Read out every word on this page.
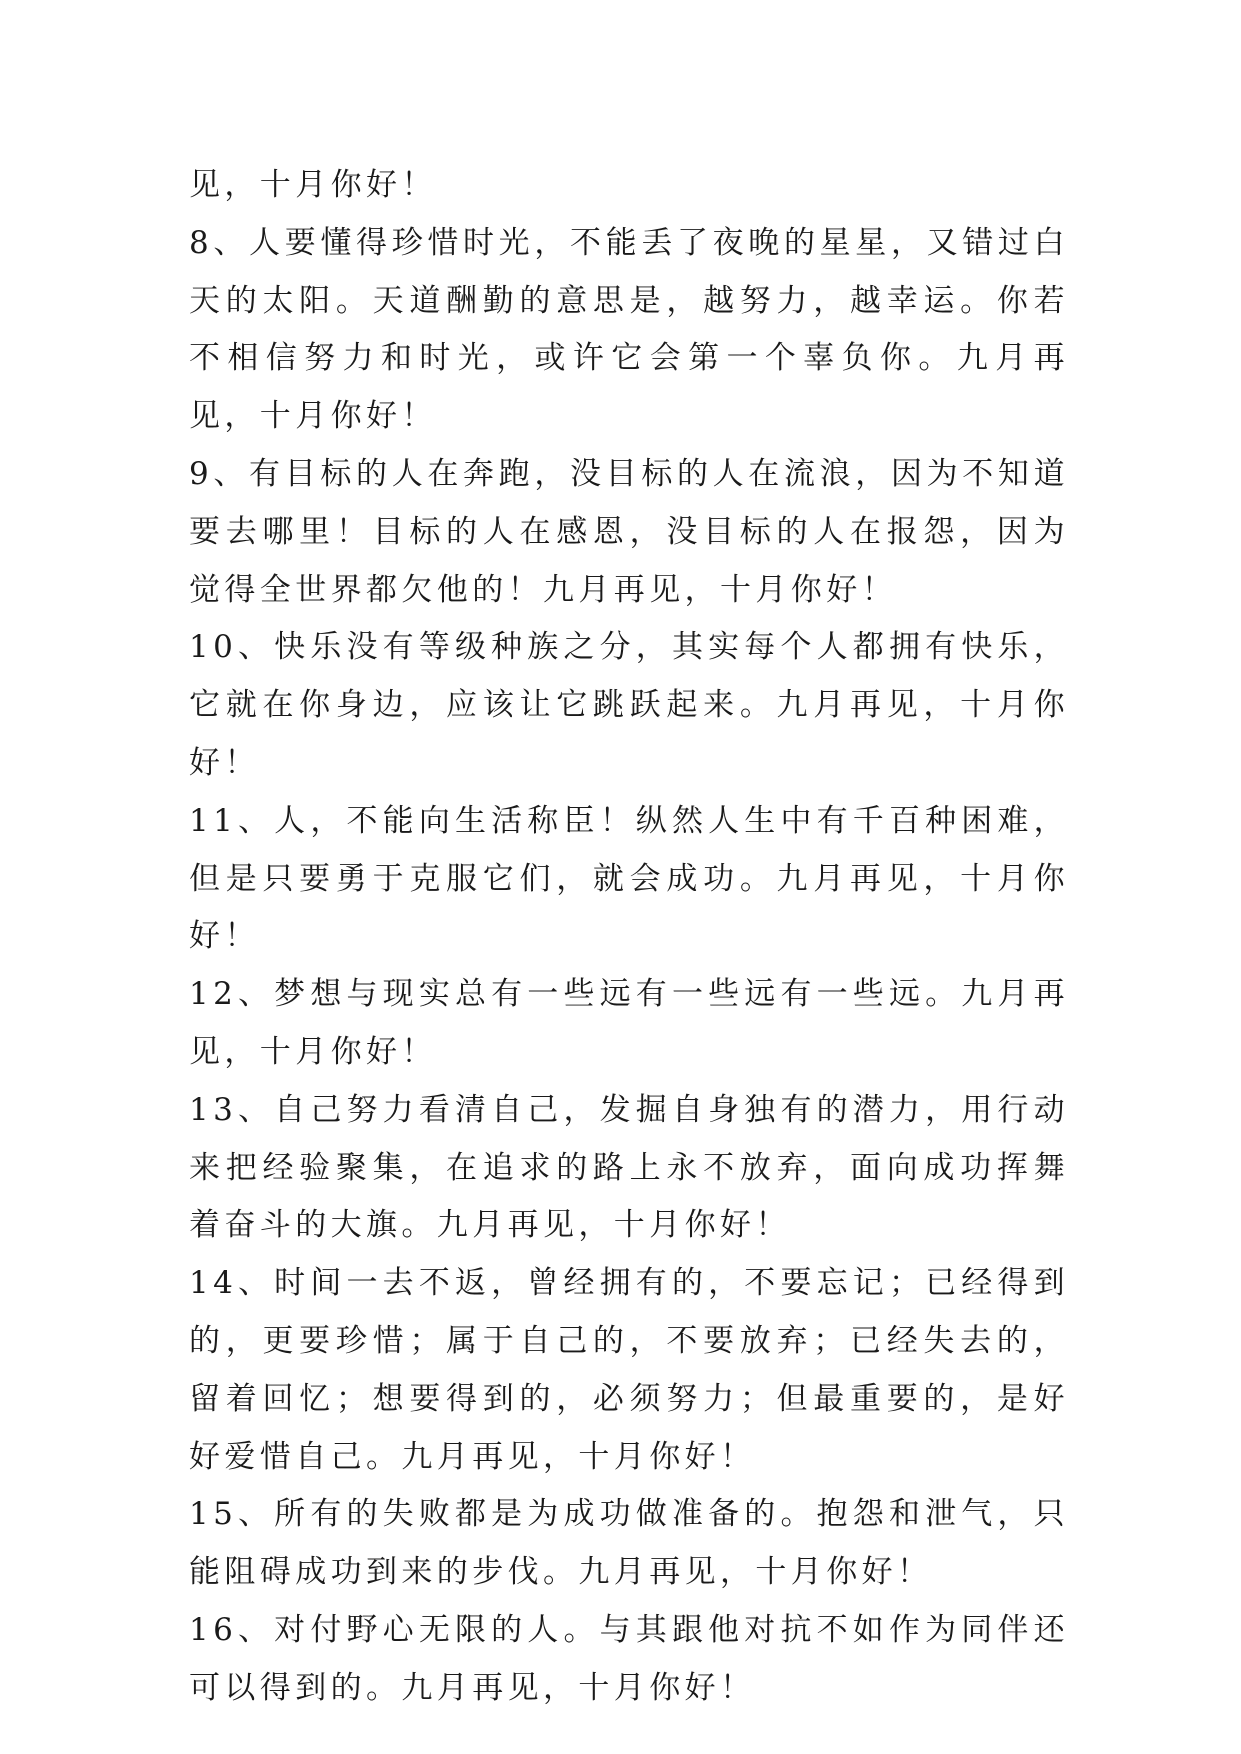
见，十月你好！

8、人要懂得珍惜时光，不能丢了夜晚的星星，又错过白天的太阳。天道酬勤的意思是，越努力，越幸运。你若不相信努力和时光，或许它会第一个辜负你。九月再见，十月你好！

9、有目标的人在奔跑，没目标的人在流浪，因为不知道要去哪里！目标的人在感恩，没目标的人在报怨，因为觉得全世界都欠他的！九月再见，十月你好！

10、快乐没有等级种族之分，其实每个人都拥有快乐，它就在你身边，应该让它跳跃起来。九月再见，十月你好！

11、人，不能向生活称臣！纵然人生中有千百种困难，但是只要勇于克服它们，就会成功。九月再见，十月你好！

12、梦想与现实总有一些远有一些远有一些远。九月再见，十月你好！

13、自己努力看清自己，发掘自身独有的潜力，用行动来把经验聚集，在追求的路上永不放弃，面向成功挥舞着奋斗的大旗。九月再见，十月你好！

14、时间一去不返，曾经拥有的，不要忘记；已经得到的，更要珍惜；属于自己的，不要放弃；已经失去的，留着回忆；想要得到的，必须努力；但最重要的，是好好爱惜自己。九月再见，十月你好！

15、所有的失败都是为成功做准备的。抱怨和泄气，只能阻碍成功到来的步伐。九月再见，十月你好！

16、对付野心无限的人。与其跟他对抗不如作为同伴还可以得到的。九月再见，十月你好！
